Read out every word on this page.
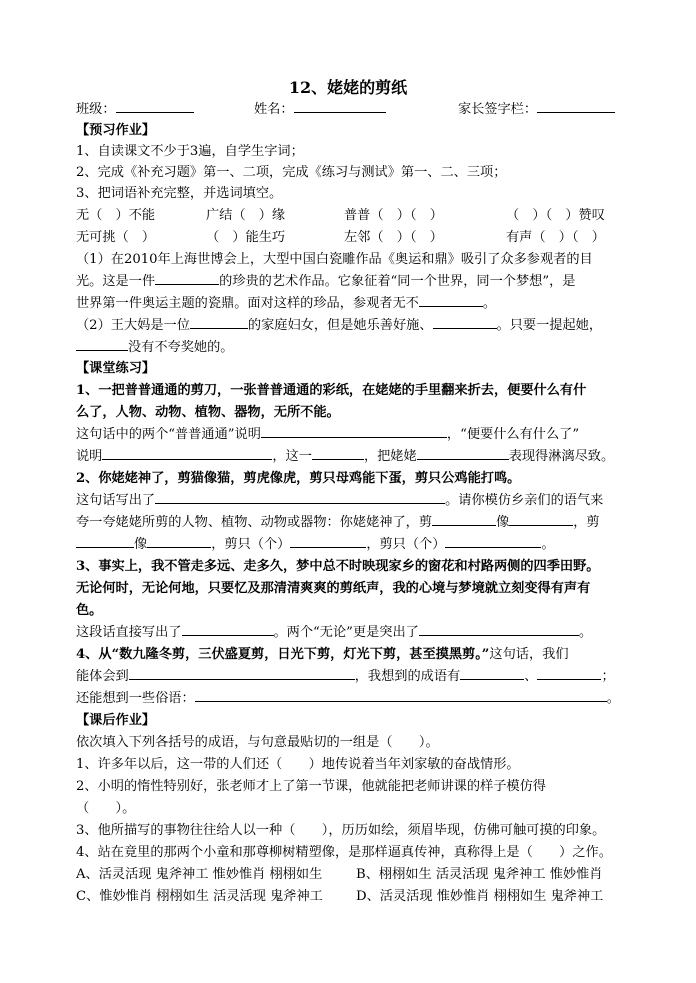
12、姥姥的剪纸
班级：	姓名：	家长签字栏：
【预习作业】
1、自读课文不少于3遍，自学生字词；
2、完成《补充习题》第一、二项，完成《练习与测试》第一、二、三项；
3、把词语补充完整，并选词填空。
无（　）不能	广结（　）缘	普普（　）（　）	（　）（　）赞叹
无可挑（　）	（　）能生巧	左邻（　）（　）	有声（　）（　）
（1）在2010年上海世博会上，大型中国白瓷雕作品《奥运和鼎》吸引了众多参观者的目
光。这是一件	的珍贵的艺术作品。它象征着“同一个世界，同一个梦想”，是
世界第一件奥运主题的瓷鼎。面对这样的珍品，参观者无不	。
（2）王大妈是一位	的家庭妇女，但是她乐善好施、	。只要一提起她，
没有不夸奖她的。
【课堂练习】
1、一把普普通通的剪刀，一张普普通通的彩纸，在姥姥的手里翻来折去，便要什么有什
么了，人物、动物、植物、器物，无所不能。
这句话中的两个“普普通通”说明	，“便要什么有什么了”
说明	，这一	，把姥姥	表现得淋漓尽致。
2、你姥姥神了，剪猫像猫，剪虎像虎，剪只母鸡能下蛋，剪只公鸡能打鸣。
这句话写出了	。请你模仿乡亲们的语气来
夸一夸姥姥所剪的人物、植物、动物或器物：你姥姥神了，剪	像	，剪
像	，剪只（个）	，剪只（个）	。
3、事实上，我不管走多远、走多久，梦中总不时映现家乡的窗花和村路两侧的四季田野。
无论何时，无论何地，只要忆及那清清爽爽的剪纸声，我的心境与梦境就立刻变得有声有
色。
这段话直接写出了	。两个“无论”更是突出了	。
4、从“数九隆冬剪，三伏盛夏剪，日光下剪，灯光下剪，甚至摸黑剪。”这句话，我们
能体会到	，我想到的成语有	、	；
还能想到一些俗语：	。
【课后作业】
依次填入下列各括号的成语，与句意最贴切的一组是（　　）。
1、许多年以后，这一带的人们还（　　）地传说着当年刘家敏的奋战情形。
2、小明的惰性特别好，张老师才上了第一节课，他就能把老师讲课的样子模仿得
（　　）。
3、他所描写的事物往往给人以一种（　　），历历如绘，须眉毕现，仿佛可触可摸的印象。
4、站在竟里的那两个小童和那尊柳树精塑像，是那样逼真传神，真称得上是（　　）之作。
A、活灵活现 鬼斧神工 惟妙惟肖 栩栩如生	B、栩栩如生 活灵活现 鬼斧神工 惟妙惟肖
C、惟妙惟肖 栩栩如生 活灵活现 鬼斧神工	D、活灵活现 惟妙惟肖 栩栩如生 鬼斧神工
